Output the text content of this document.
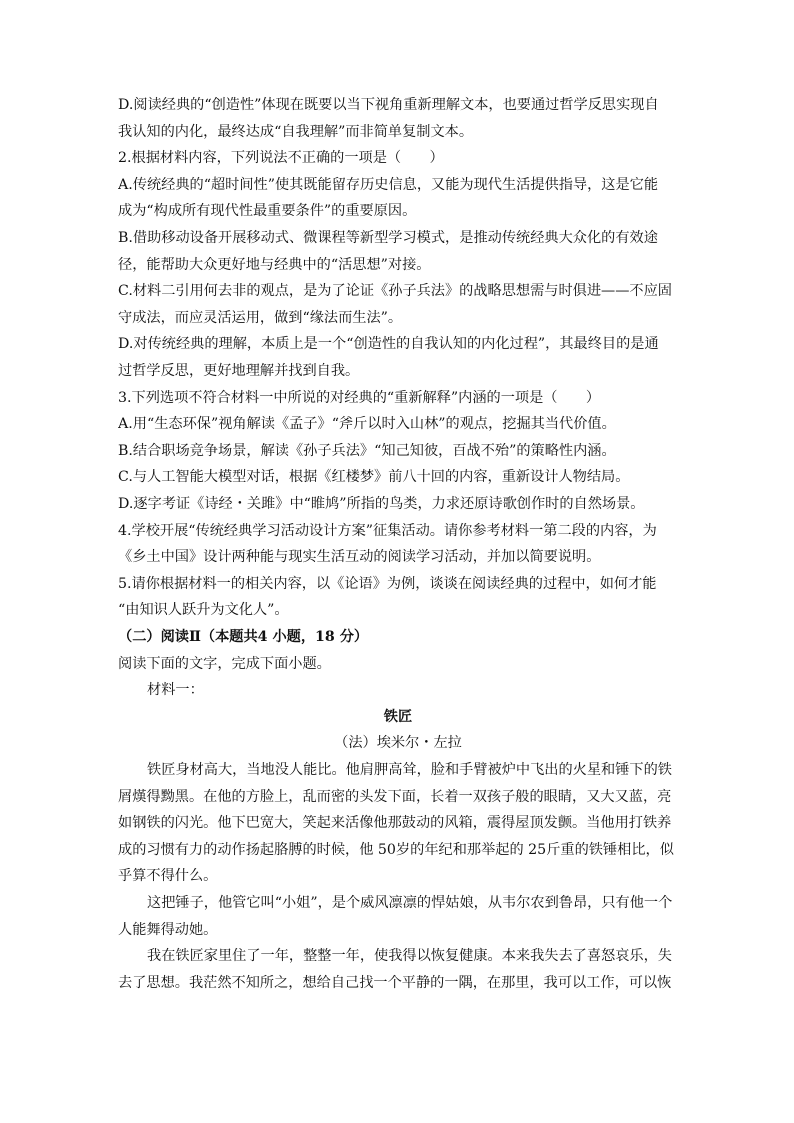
D.阅读经典的“创造性”体现在既要以当下视角重新理解文本，也要通过哲学反思实现自
我认知的内化，最终达成“自我理解”而非简单复制文本。
2.根据材料内容，下列说法不正确的一项是（　　）
A.传统经典的“超时间性”使其既能留存历史信息，又能为现代生活提供指导，这是它能
成为“构成所有现代性最重要条件”的重要原因。
B.借助移动设备开展移动式、微课程等新型学习模式，是推动传统经典大众化的有效途
径，能帮助大众更好地与经典中的“活思想”对接。
C.材料二引用何去非的观点，是为了论证《孙子兵法》的战略思想需与时俱进——不应固
守成法，而应灵活运用，做到“缘法而生法”。
D.对传统经典的理解，本质上是一个“创造性的自我认知的内化过程”，其最终目的是通
过哲学反思，更好地理解并找到自我。
3.下列选项不符合材料一中所说的对经典的“重新解释”内涵的一项是（　　）
A.用“生态环保”视角解读《孟子》“斧斤以时入山林”的观点，挖掘其当代价值。
B.结合职场竞争场景，解读《孙子兵法》“知己知彼，百战不殆”的策略性内涵。
C.与人工智能大模型对话，根据《红楼梦》前八十回的内容，重新设计人物结局。
D.逐字考证《诗经・关雎》中“睢鸠”所指的鸟类，力求还原诗歌创作时的自然场景。
4.学校开展“传统经典学习活动设计方案”征集活动。请你参考材料一第二段的内容，为
《乡土中国》设计两种能与现实生活互动的阅读学习活动，并加以简要说明。
5.请你根据材料一的相关内容，以《论语》为例，谈谈在阅读经典的过程中，如何才能
“由知识人跃升为文化人”。
（二）阅读Ⅱ（本题共4 小题，18 分）
阅读下面的文字，完成下面小题。
材料一：
铁匠
（法）埃米尔・左拉
铁匠身材高大，当地没人能比。他肩胛高耸，脸和手臂被炉中飞出的火星和锤下的铁
屑熯得黝黑。在他的方脸上，乱而密的头发下面，长着一双孩子般的眼睛，又大又蓝，亮
如钢铁的闪光。他下巴宽大，笑起来活像他那鼓动的风箱，震得屋顶发颤。当他用打铁养
成的习惯有力的动作扬起胳膊的时候，他 50岁的年纪和那举起的 25斤重的铁锤相比，似
乎算不得什么。
这把锤子，他管它叫“小姐”，是个威风凛凛的悍姑娘，从韦尔农到鲁昂，只有他一个
人能舞得动她。
我在铁匠家里住了一年，整整一年，使我得以恢复健康。本来我失去了喜怒哀乐，失
去了思想。我茫然不知所之，想给自己找一个平静的一隅，在那里，我可以工作，可以恢
